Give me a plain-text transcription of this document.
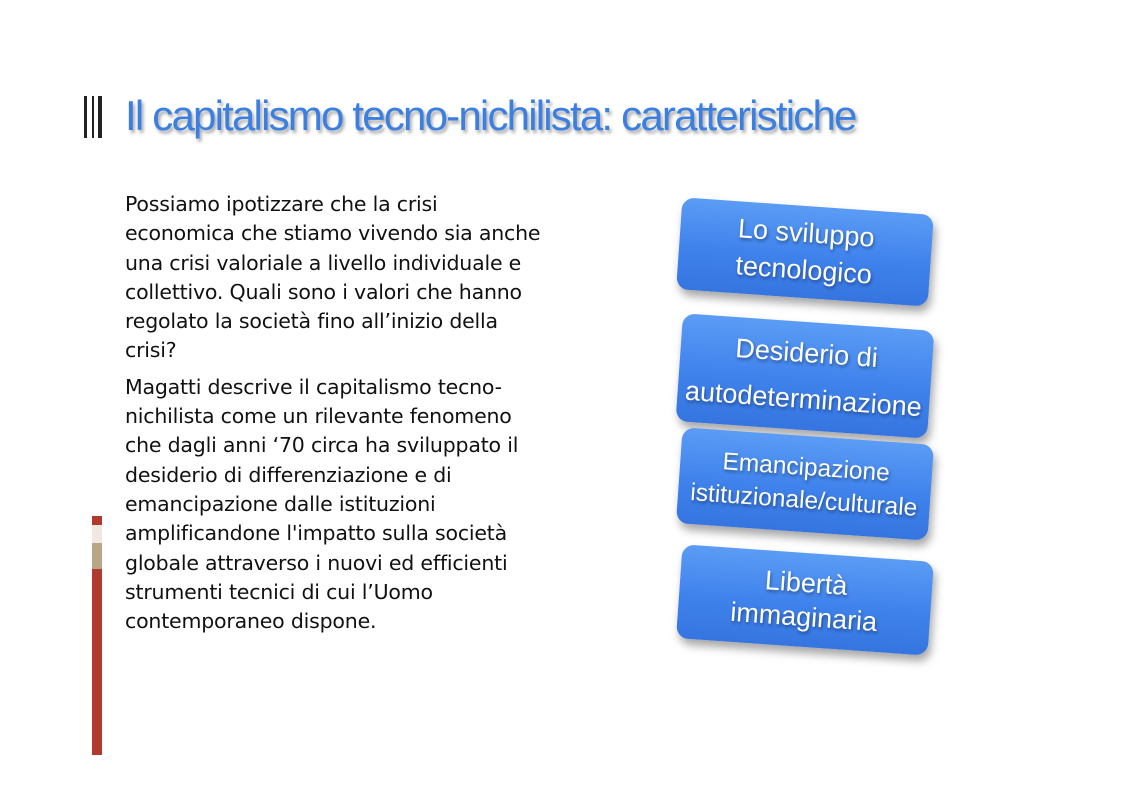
Il capitalismo tecno-nichilista: caratteristiche

Possiamo ipotizzare che la crisi economica che stiamo vivendo sia anche una crisi valoriale a livello individuale e collettivo. Quali sono i valori che hanno regolato la società fino all’inizio della crisi?

Magatti descrive il capitalismo tecno-nichilista come un rilevante fenomeno che dagli anni ‘70 circa ha sviluppato il desiderio di differenziazione e di emancipazione dalle istituzioni amplificandone l'impatto sulla società globale attraverso i nuovi ed efficienti strumenti tecnici di cui l’Uomo contemporaneo dispone.

Lo sviluppo
tecnologico
Desiderio di
autodeterminazione
Emancipazione
istituzionale/culturale
Libertà immaginaria
